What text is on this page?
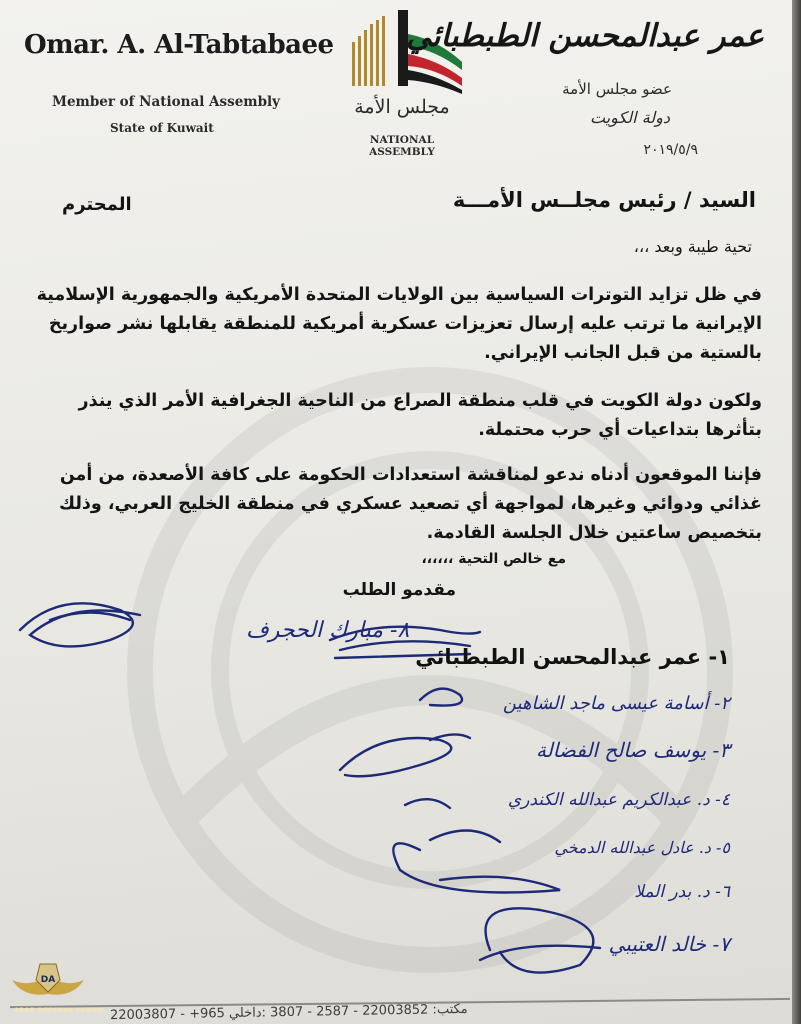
Omar. A. Al-Tabtabaee
Member of National Assembly
State of Kuwait
مجلس الأمة
NATIONAL ASSEMBLY
عمر عبدالمحسن الطبطبائي
عضو مجلس الأمة
دولة الكويت
٢٠١٩/٥/٩
السيد / رئيس مجلــس الأمـــة
المحترم
تحية طيبة وبعد ،،،
في ظل تزايد التوترات السياسية بين الولايات المتحدة الأمريكية والجمهورية الإسلامية الإيرانية ما ترتب عليه إرسال تعزيزات عسكرية أمريكية للمنطقة يقابلها نشر صواريخ بالستية من قبل الجانب الإيراني.
ولكون دولة الكويت في قلب منطقة الصراع من الناحية الجغرافية الأمر الذي ينذر بتأثرها بتداعيات أي حرب محتملة.
فإننا الموقعون أدناه ندعو لمناقشة استعدادات الحكومة على كافة الأصعدة، من أمن غذائي ودوائي وغيرها، لمواجهة أي تصعيد عسكري في منطقة الخليج العربي، وذلك بتخصيص ساعتين خلال الجلسة القادمة.
مع خالص التحية ،،،،،،
مقدمو الطلب
١- عمر عبدالمحسن الطبطبائي
٢- أسامة عيسى ماجد الشاهين
٣- يوسف صالح الفضالة
٤- د. عبدالكريم عبدالله الكندري
٥- د. عادل عبدالله الدمخي
٦- د. بدر الملا
٧- خالد العتيبي
٨- مبارك الحجرف
مكتب: 22003852 - 2587 - 3807 :داخلي 965+ - 22003807
DA
ARAB DEFENSE FORUM
